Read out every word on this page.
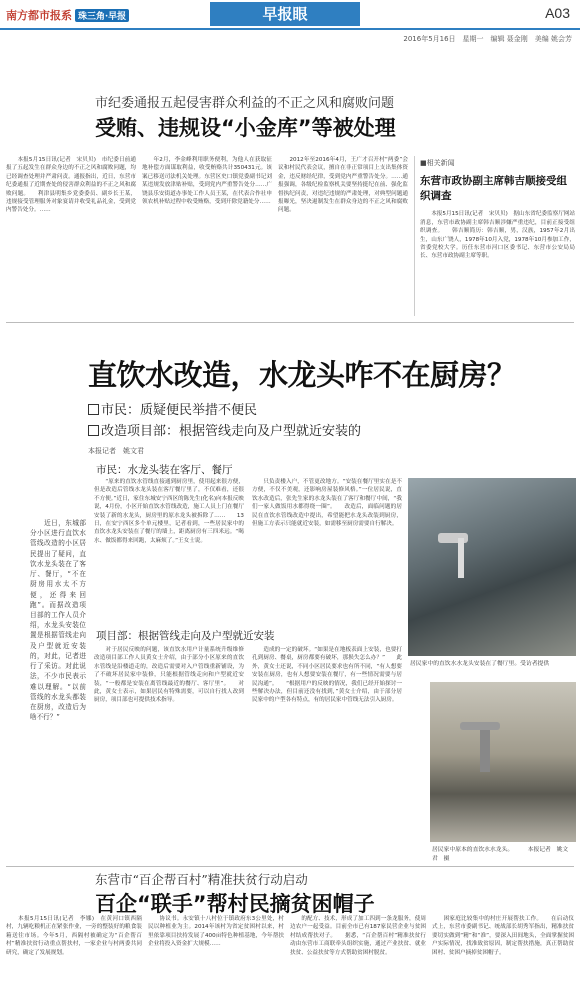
南方都市报系 珠三角·早报	早报眼	A03
2016年5月16日　星期一　编辑 聂金刚　美编 姚会芳
市纪委通报五起侵害群众利益的不正之风和腐败问题
受贿、违规设“小金库”等被处理
　　本报5月15日讯(记者　宋贝贝)　市纪委日前通报了五起发生在群众身边的不正之风和腐败问题，均已经调查处理并严肃问责。通报指出，近日，东营市纪委通报了近期查处的侵害群众利益的不正之风和腐败问题。　　利津县明集乡党委委员、副乡长王某，违规接受管理服务对象宴请并收受礼品礼金，受到党内警告处分。……
　　年2月，李金峰利用职务便利，为他人在获取征地补偿方面谋取利益，收受贿赂共计350431元。该案已移送司法机关处理。东营区史口镇党委副书记刘某违规发放津贴补贴，受到党内严重警告处分……广饶县乐安街道办事处工作人员王某，在代表合作社申领农机补贴过程中收受贿赂，受到开除党籍处分……
　　2012年至2016年4月，王广才召开村“两委”会议和村民代表会议，擅自在非正常项目上支出集体资金，违反财经纪律，受到党内严重警告处分。……通报强调，各级纪检监察机关要坚持挺纪在前、强化监督执纪问责，对违纪违规的严肃处理，对典型问题通报曝光，坚决遏制发生在群众身边的不正之风和腐败问题。
■相关新闻
东营市政协副主席韩吉顺接受组织调查
　　本报5月15日讯(记者　宋贝贝)　据山东省纪委监察厅网站消息，东营市政协副主席韩吉顺涉嫌严重违纪，目前正接受组织调查。　　韩吉顺简历：韩吉顺，男，汉族，1957年2月出生，山东广饶人，1978年10月入党，1978年10月参加工作，省委党校大学。历任东营市河口区委书记、东营市公安局局长、东营市政协副主席等职。
直饮水改造，水龙头咋不在厨房？
市民：质疑便民举措不便民
改造项目部：根据管线走向及户型就近安装的
本报记者　姚文君
市民：水龙头装在客厅、餐厅
　　近日，东城部分小区进行直饮水管线改造的小区居民提出了疑问，直饮水龙头装在了客厅、餐厅，“不在厨房用水太不方便，还得来回跑”。而据改造项目部的工作人员介绍，水龙头安装位置是根据管线走向及户型就近安装的，对此，记者进行了采访。对此说法，不少市民表示难以理解。“以前管线的水龙头都装在厨房，改造后为啥不行？”
　　“原来的直饮水管线直接通到厨房里，使用起来很方便，但是改造后管线水龙头装在客厅餐厅里了，不仅难看，还很不方便。”近日，家住东城安宁西区的陈先生(化名)向本报反映说，4月份，小区开始直饮水管线改造，施工人员上门在餐厅安装了新的水龙头，厨房里的原水龙头被拆除了……　　13日，在安宁西区多个单元楼里，记者看到，一些居民家中的直饮水龙头安装在了餐厅的墙上，距离厨房有三四米远。“喝水、做饭都得来回跑，太麻烦了。”王女士说。
　　只负责楼入户，不管更改地方。“安装在餐厅里实在是不方便，不仅不美观，还影响房屋装修风格。”一位居民说，直饮水改造后，张先生家的水龙头装在了客厅和餐厅中间，“我们一家人做饭用水都得绕一圈”。　　改造后，面临问题的居民在直饮水管线改造中提出，希望能把水龙头改装到厨房，但施工方表示只能就近安装，如需移至厨房需要自行解决。
项目部：根据管线走向及户型就近安装
　　对于居民反映的问题，该直饮水用户计量系统升级维修改造项目部工作人员黄女士介绍，由于部分小区原来的直饮水管线是沿楼道走的，改造后需要对入户管线重新铺设，为了不破坏居民家中装修，只能根据管线走向和户型就近安装，“一般都是安装在离管线最近的餐厅、客厅里”。　　对此，黄女士表示，如果居民有特殊需要，可以自行找人改到厨房，项目部也可提供技术指导。
　　造成的一定的破坏。“如果是在地板表面上安装，也要打孔到厨房、餐桌，厨房都要有破坏，那损失怎么办？”　　此外，黄女士还说，不同小区居民要求也有所不同，“有人想要安装在厨房，也有人想要安装在餐厅，有一些情况需要与居民沟通”。　　“根据用户的反映的情况，我们已经开始探讨一些解决办法，但目前还没有找到，”黄女士介绍，由于部分居民家中的户型各有特点，有的居民家中管线无法引入厨房。
居民家中的直饮水水龙头安装在了餐厅里。受访者提供
居民家中原本的直饮水水龙头。　　　本报记者　姚文君　摄
东营市“百企帮百村”精准扶贫行动启动
百企“联手”帮村民摘贫困帽子
　　本报5月15日讯(记者　李娜)　在黄河口镇西隔村，九辆吃粮机正在紧张作业，一旁的整装好的粮食装箱送往市场。今年5月，西隔村被确定为“百企帮百村”精准扶贫行动重点帮扶村，一家企业与村两委共同研究，确定了发展规划。
　　协议书。永安镇十八村位于镇政府东3公里处，村民以种植业为主。2014年该村为省定贫困村以来，村里依靠项目扶持发展了400亩特色种植基地，今年帮扶企业将投入资金扩大规模……
　　的配方、技术，形成了加工四到一条龙服务，使周边农户一起受益。目前全市已有187家民营企业与贫困村结成帮扶对子。　　据悉，“百企帮百村”精准扶贫行动由东营市工商联牵头组织实施，通过产业扶贫、就业扶贫、公益扶贫等方式帮助贫困村脱贫。
　　困家庭比较集中的村庄开展帮扶工作。　　在启动仪式上，东营市委副书记、统战部长胡秀军指出，精准扶贫要切实做到“精”和“准”，要深入田间地头，全面掌握贫困户实际情况，找准致贫原因，制定帮扶措施，真正帮助贫困村、贫困户摘掉贫困帽子。
